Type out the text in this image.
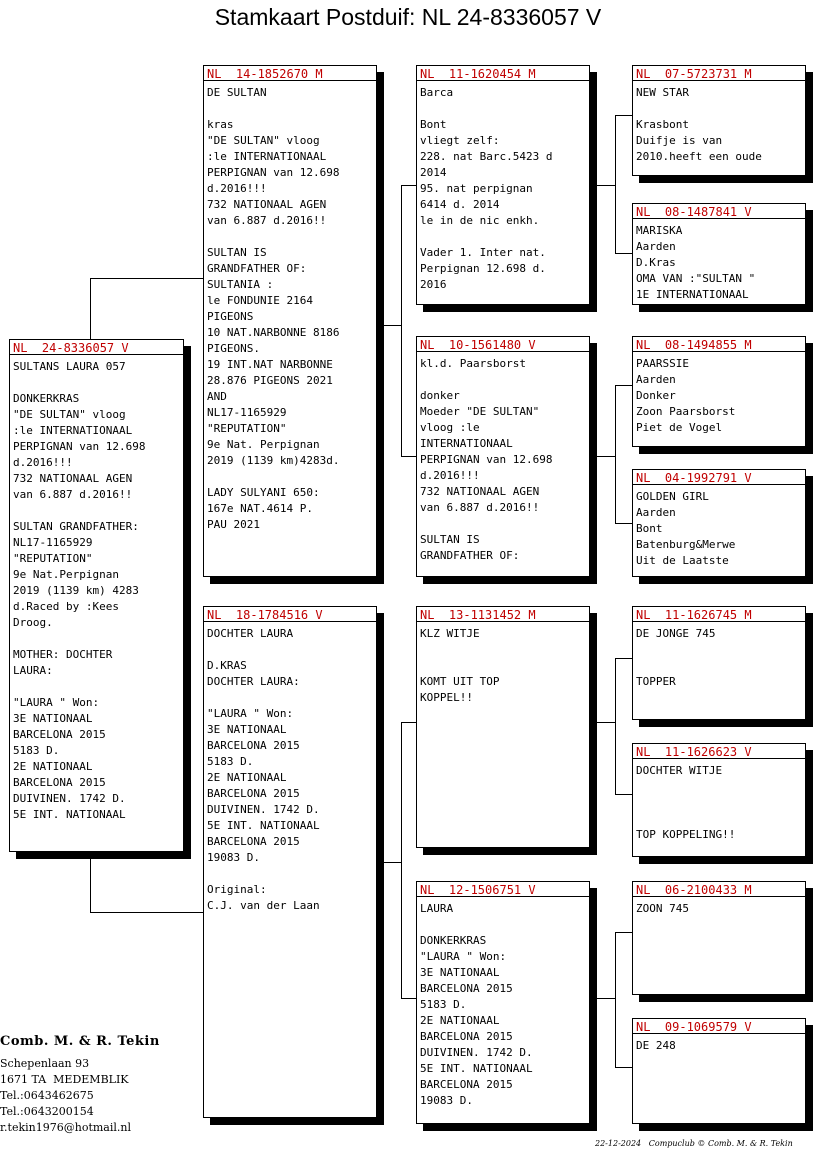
Stamkaart Postduif: NL 24-8336057 V
NL  24-8336057 V
SULTANS LAURA 057

DONKERKRAS
"DE SULTAN" vloog
:le INTERNATIONAAL
PERPIGNAN van 12.698
d.2016!!!
732 NATIONAAL AGEN
van 6.887 d.2016!!

SULTAN GRANDFATHER:
NL17-1165929
"REPUTATION"
9e Nat.Perpignan
2019 (1139 km) 4283
d.Raced by :Kees
Droog.

MOTHER: DOCHTER
LAURA:

"LAURA " Won:
3E NATIONAAL
BARCELONA 2015
5183 D.
2E NATIONAAL
BARCELONA 2015
DUIVINEN. 1742 D.
5E INT. NATIONAAL
NL  14-1852670 M
DE SULTAN

kras
"DE SULTAN" vloog
:le INTERNATIONAAL
PERPIGNAN van 12.698
d.2016!!!
732 NATIONAAL AGEN
van 6.887 d.2016!!

SULTAN IS
GRANDFATHER OF:
SULTANIA :
le FONDUNIE 2164
PIGEONS
10 NAT.NARBONNE 8186
PIGEONS.
19 INT.NAT NARBONNE
28.876 PIGEONS 2021
AND
NL17-1165929
"REPUTATION"
9e Nat. Perpignan
2019 (1139 km)4283d.

LADY SULYANI 650:
167e NAT.4614 P.
PAU 2021
NL  18-1784516 V
DOCHTER LAURA

D.KRAS
DOCHTER LAURA:

"LAURA " Won:
3E NATIONAAL
BARCELONA 2015
5183 D.
2E NATIONAAL
BARCELONA 2015
DUIVINEN. 1742 D.
5E INT. NATIONAAL
BARCELONA 2015
19083 D.

Original:
C.J. van der Laan
NL  11-1620454 M
Barca

Bont
vliegt zelf:
228. nat Barc.5423 d
2014
95. nat perpignan
6414 d. 2014
le in de nic enkh.

Vader 1. Inter nat.
Perpignan 12.698 d.
2016
NL  10-1561480 V
kl.d. Paarsborst

donker
Moeder "DE SULTAN"
vloog :le
INTERNATIONAAL
PERPIGNAN van 12.698
d.2016!!!
732 NATIONAAL AGEN
van 6.887 d.2016!!

SULTAN IS
GRANDFATHER OF:
NL  13-1131452 M
KLZ WITJE

KOMT UIT TOP
KOPPEL!!
NL  12-1506751 V
LAURA

DONKERKRAS
"LAURA " Won:
3E NATIONAAL
BARCELONA 2015
5183 D.
2E NATIONAAL
BARCELONA 2015
DUIVINEN. 1742 D.
5E INT. NATIONAAL
BARCELONA 2015
19083 D.
NL  07-5723731 M
NEW STAR

Krasbont
Duifje is van
2010.heeft een oude
NL  08-1487841 V
MARISKA
Aarden
D.Kras
OMA VAN :"SULTAN "
1E INTERNATIONAAL
NL  08-1494855 M
PAARSSIE
Aarden
Donker
Zoon Paarsborst
Piet de Vogel
NL  04-1992791 V
GOLDEN GIRL
Aarden
Bont
Batenburg&Merwe
Uit de Laatste
NL  11-1626745 M
DE JONGE 745

TOPPER
NL  11-1626623 V
DOCHTER WITJE

TOP KOPPELING!!
NL  06-2100433 M
ZOON 745
NL  09-1069579 V
DE 248
Comb. M. & R. Tekin
Schepenlaan 93
1671 TA  MEDEMBLIK
Tel.:0643462675
Tel.:0643200154
r.tekin1976@hotmail.nl
22-12-2024   Compuclub © Comb. M. & R. Tekin
